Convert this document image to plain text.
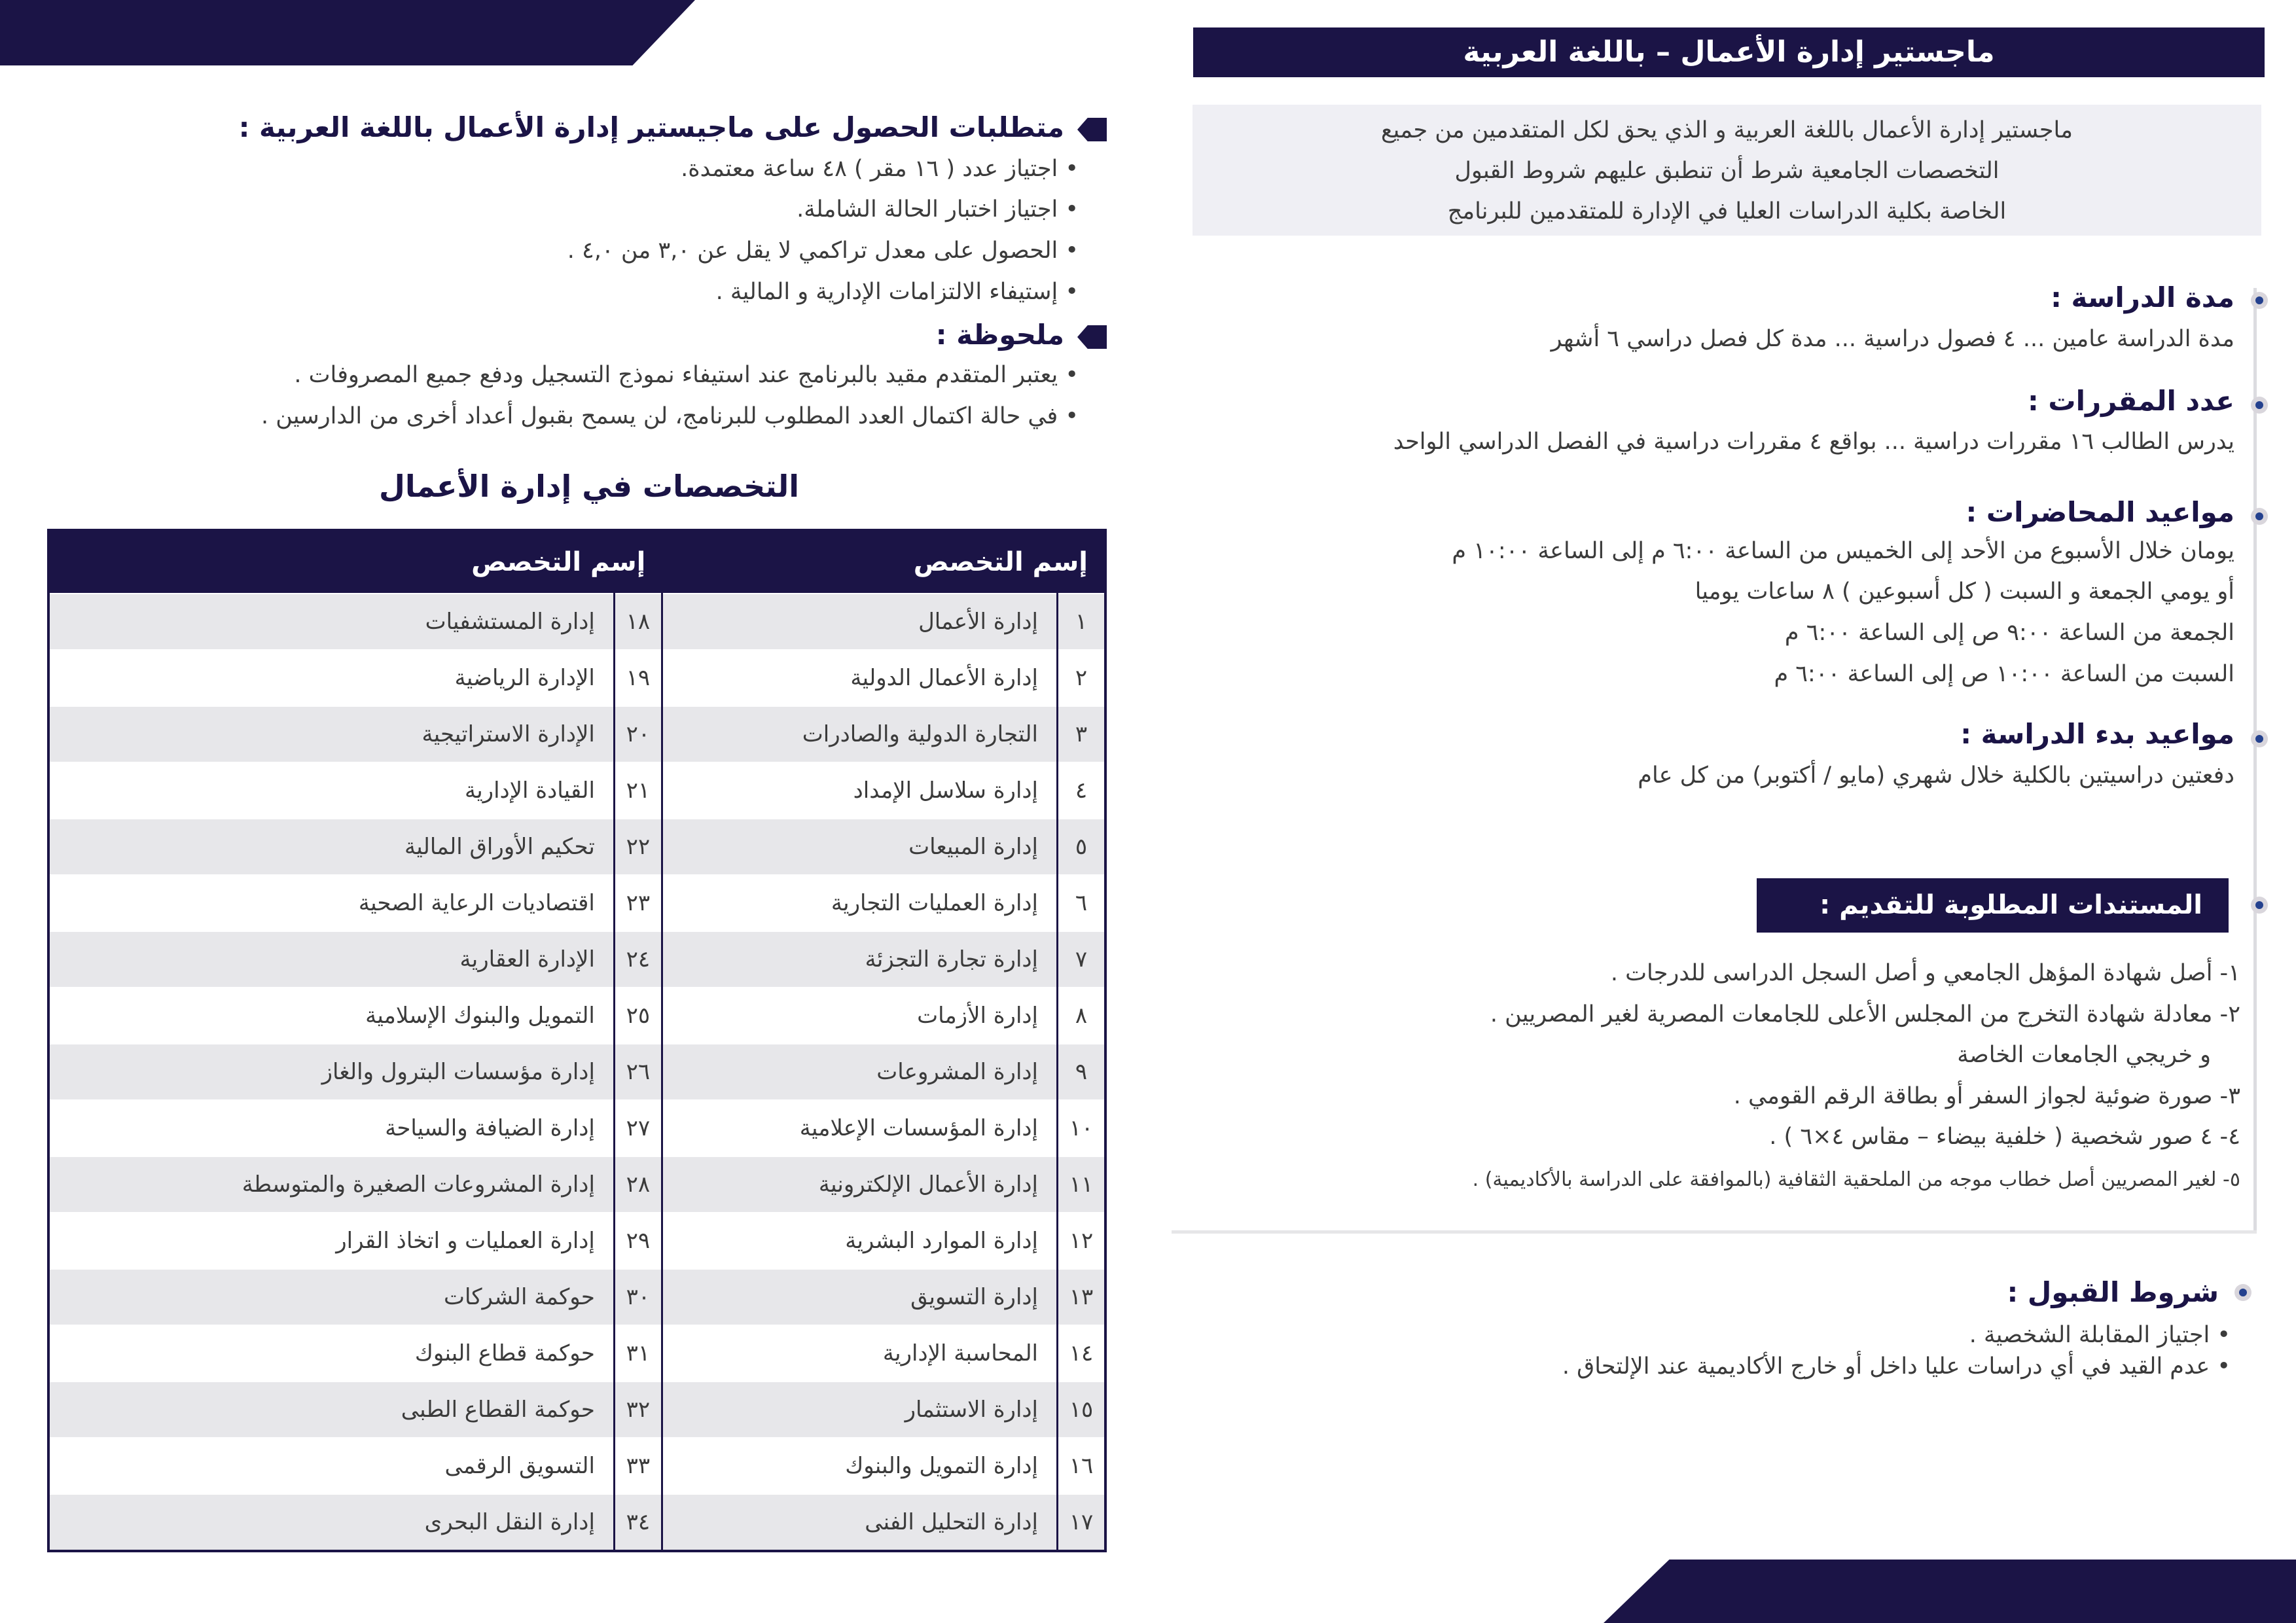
ماجستير إدارة الأعمال – باللغة العربية
ماجستير إدارة الأعمال باللغة العربية و الذي يحق لكل المتقدمين من جميع
التخصصات الجامعية شرط أن تنطبق عليهم شروط القبول
الخاصة بكلية الدراسات العليا في الإدارة للمتقدمين للبرنامج
مدة الدراسة :
مدة الدراسة عامين ... ٤ فصول دراسية ... مدة كل فصل دراسي ٦ أشهر
عدد المقررات :
يدرس الطالب ١٦ مقررات دراسية ... بواقع ٤ مقررات دراسية في الفصل الدراسي الواحد
مواعيد المحاضرات :
يومان خلال الأسبوع من الأحد إلى الخميس من الساعة ٦:٠٠ م إلى الساعة ١٠:٠٠ م
أو يومي الجمعة و السبت ( كل أسبوعين ) ٨ ساعات يوميا
الجمعة من الساعة ٩:٠٠ ص إلى الساعة ٦:٠٠ م
السبت من الساعة ١٠:٠٠ ص إلى الساعة ٦:٠٠ م
مواعيد بدء الدراسة :
دفعتين دراسيتين بالكلية خلال شهري (مايو / أكتوبر) من كل عام
المستندات المطلوبة للتقديم :
١- أصل شهادة المؤهل الجامعي و أصل السجل الدراسى للدرجات .
٢- معادلة شهادة التخرج من المجلس الأعلى للجامعات المصرية لغير المصريين .
و خريجي الجامعات الخاصة
٣- صورة ضوئية لجواز السفر أو بطاقة الرقم القومي .
٤- ٤ صور شخصية ( خلفية بيضاء – مقاس ٤×٦ ) .
٥- لغير المصريين أصل خطاب موجه من الملحقية الثقافية (بالموافقة على الدراسة بالأكاديمية) .
شروط القبول :
• اجتياز المقابلة الشخصية .
• عدم القيد في أي دراسات عليا داخل أو خارج الأكاديمية عند الإلتحاق .
متطلبات الحصول على ماجيستير إدارة الأعمال باللغة العربية :
• اجتياز عدد ( ١٦ مقر ) ٤٨ ساعة معتمدة.
• اجتياز اختبار الحالة الشاملة.
• الحصول على معدل تراكمي لا يقل عن ٣,٠ من ٤,٠ .
• إستيفاء الالتزامات الإدارية و المالية .
ملحوظة :
• يعتبر المتقدم مقيد بالبرنامج عند استيفاء نموذج التسجيل ودفع جميع المصروفات .
• في حالة اكتمال العدد المطلوب للبرنامج، لن يسمح بقبول أعداد أخرى من الدارسين .
التخصصات في إدارة الأعمال
إسم التخصص		إسم التخصص	
١	إدارة الأعمال	١٨	إدارة المستشفيات
٢	إدارة الأعمال الدولية	١٩	الإدارة الرياضية
٣	التجارة الدولية والصادرات	٢٠	الإدارة الاستراتيجية
٤	إدارة سلاسل الإمداد	٢١	القيادة الإدارية
٥	إدارة المبيعات	٢٢	تحكيم الأوراق المالية
٦	إدارة العمليات التجارية	٢٣	اقتصاديات الرعاية الصحية
٧	إدارة تجارة التجزئة	٢٤	الإدارة العقارية
٨	إدارة الأزمات	٢٥	التمويل والبنوك الإسلامية
٩	إدارة المشروعات	٢٦	إدارة مؤسسات البترول والغاز
١٠	إدارة المؤسسات الإعلامية	٢٧	إدارة الضيافة والسياحة
١١	إدارة الأعمال الإلكترونية	٢٨	إدارة المشروعات الصغيرة والمتوسطة
١٢	إدارة الموارد البشرية	٢٩	إدارة العمليات و اتخاذ القرار
١٣	إدارة التسويق	٣٠	حوكمة الشركات
١٤	المحاسبة الإدارية	٣١	حوكمة قطاع البنوك
١٥	إدارة الاستثمار	٣٢	حوكمة القطاع الطبى
١٦	إدارة التمويل والبنوك	٣٣	التسويق الرقمى
١٧	إدارة التحليل الفنى	٣٤	إدارة النقل البحرى
